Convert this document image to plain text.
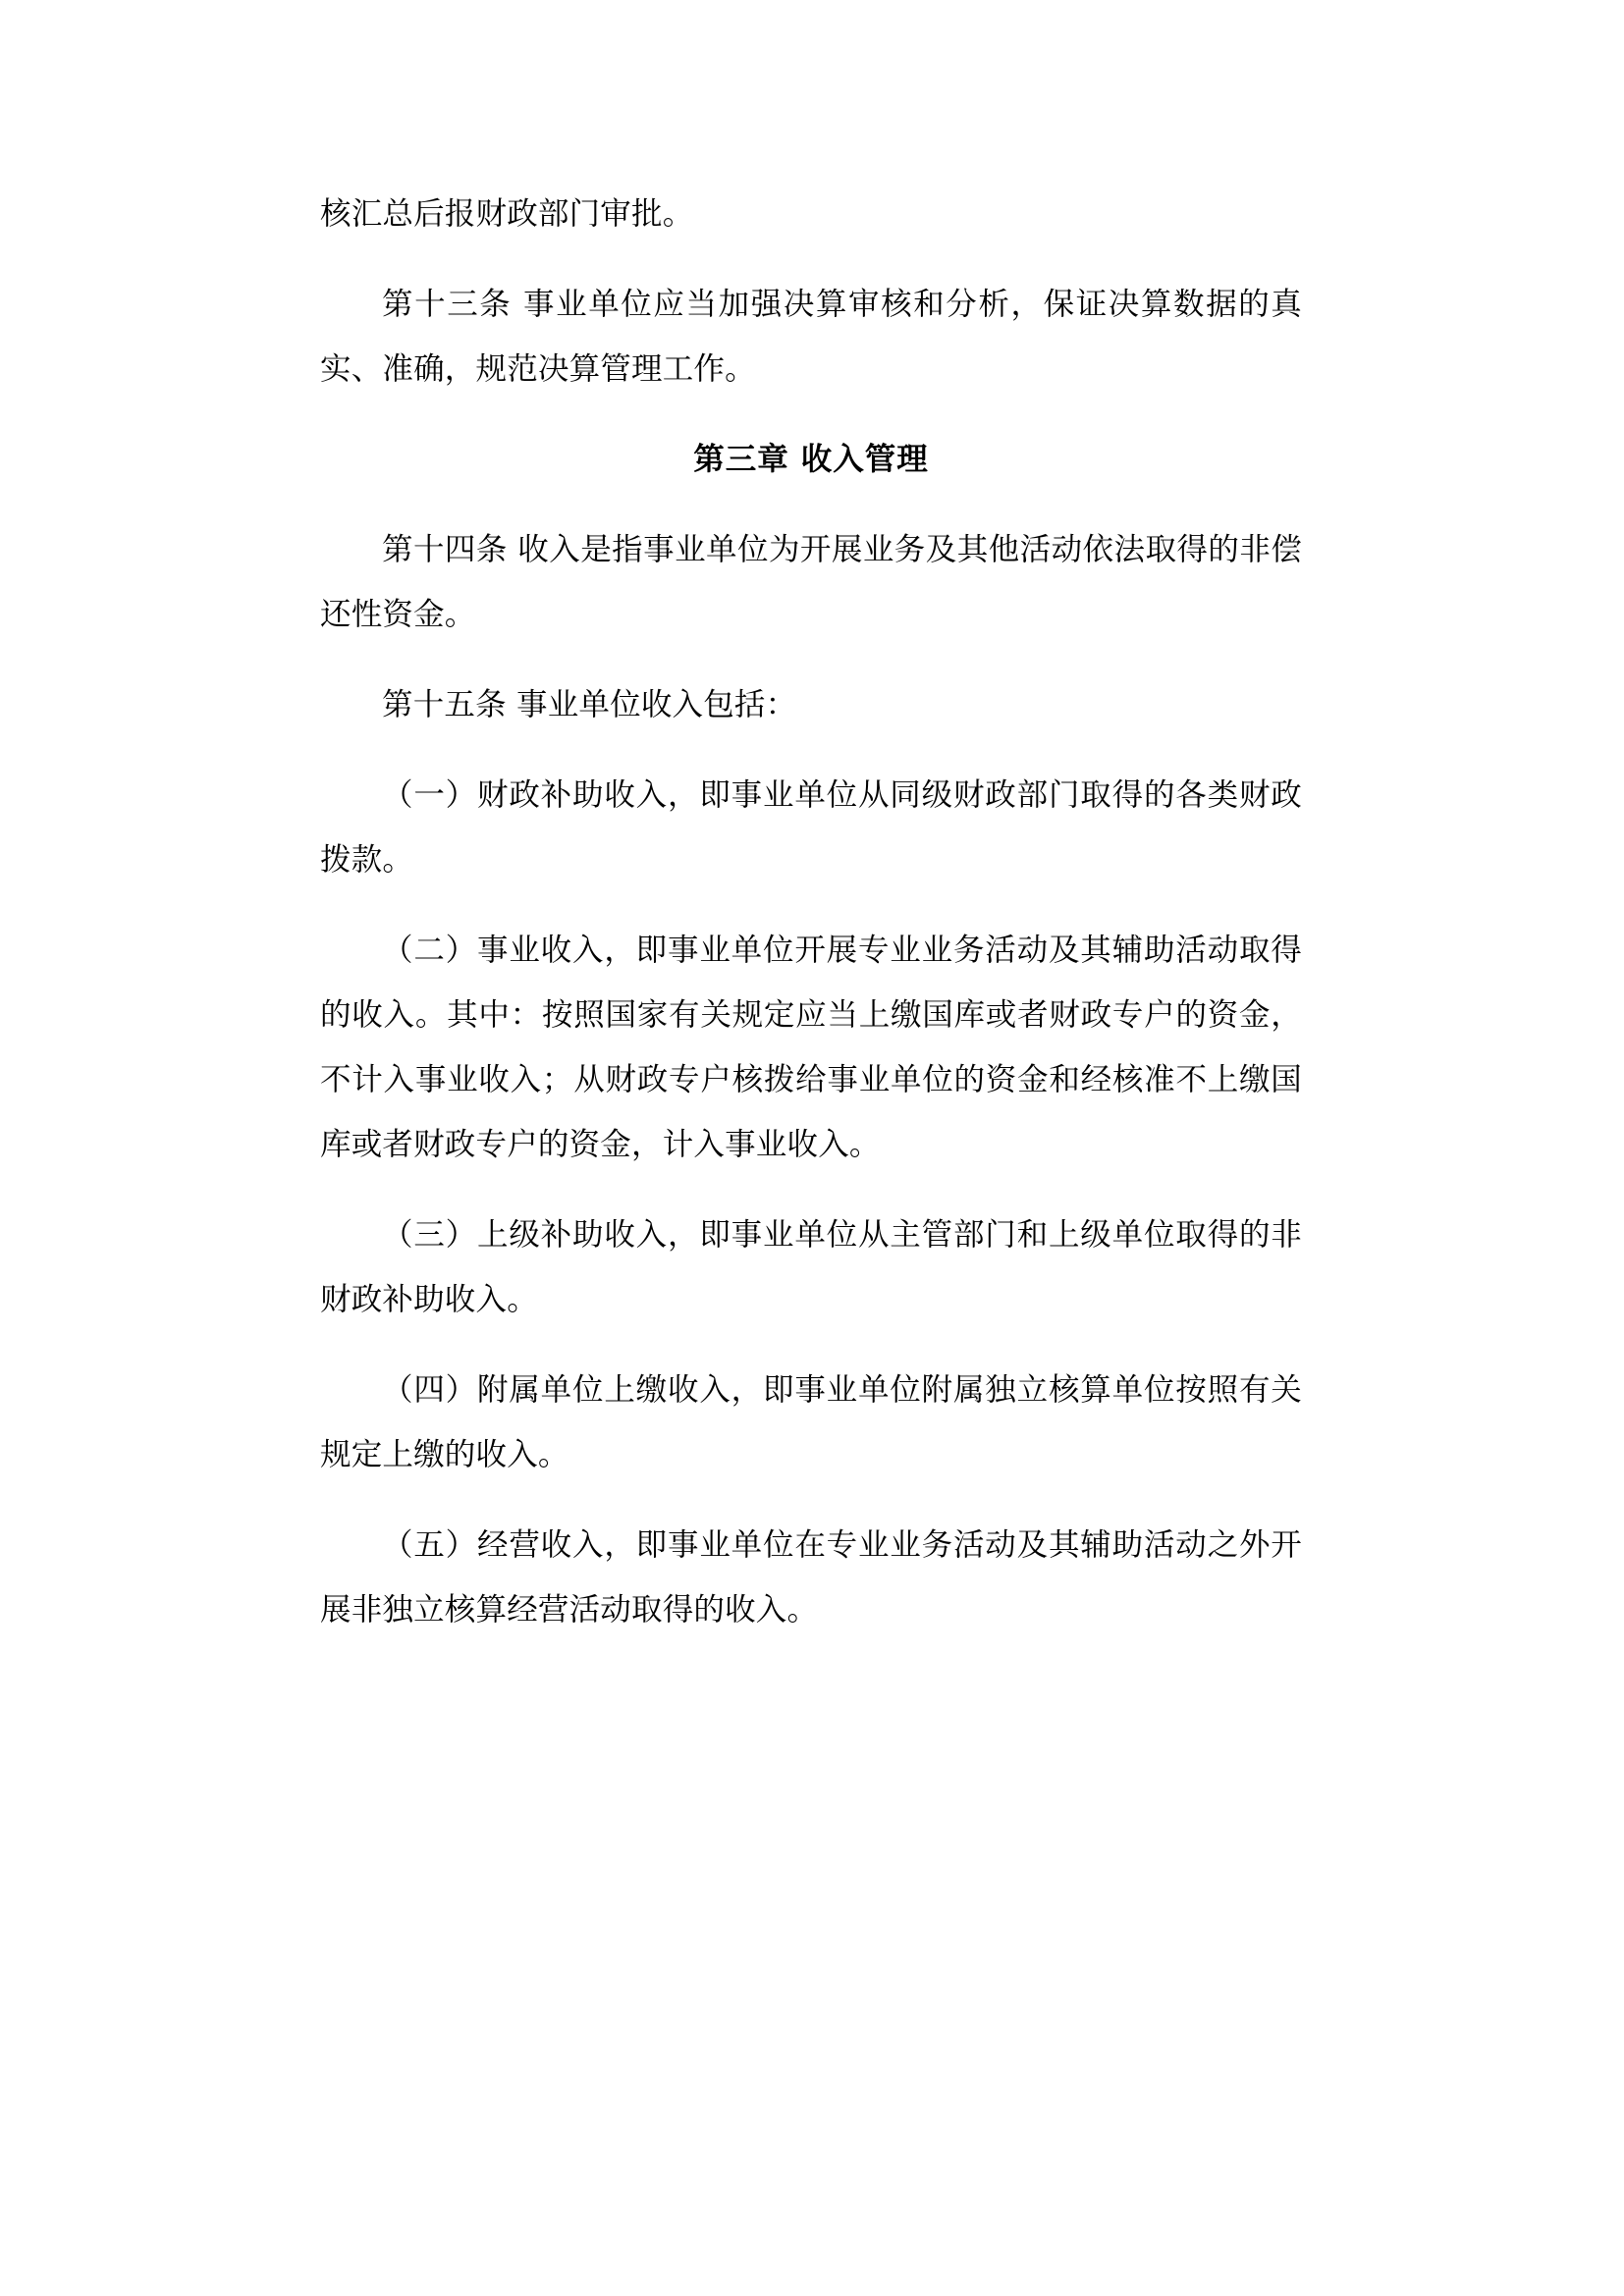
核汇总后报财政部门审批。

第十三条 事业单位应当加强决算审核和分析，保证决算数据的真实、准确，规范决算管理工作。

第三章 收入管理

第十四条 收入是指事业单位为开展业务及其他活动依法取得的非偿还性资金。

第十五条 事业单位收入包括：

（一）财政补助收入，即事业单位从同级财政部门取得的各类财政拨款。

（二）事业收入，即事业单位开展专业业务活动及其辅助活动取得的收入。其中：按照国家有关规定应当上缴国库或者财政专户的资金，不计入事业收入；从财政专户核拨给事业单位的资金和经核准不上缴国库或者财政专户的资金，计入事业收入。

（三）上级补助收入，即事业单位从主管部门和上级单位取得的非财政补助收入。

（四）附属单位上缴收入，即事业单位附属独立核算单位按照有关规定上缴的收入。

（五）经营收入，即事业单位在专业业务活动及其辅助活动之外开展非独立核算经营活动取得的收入。
